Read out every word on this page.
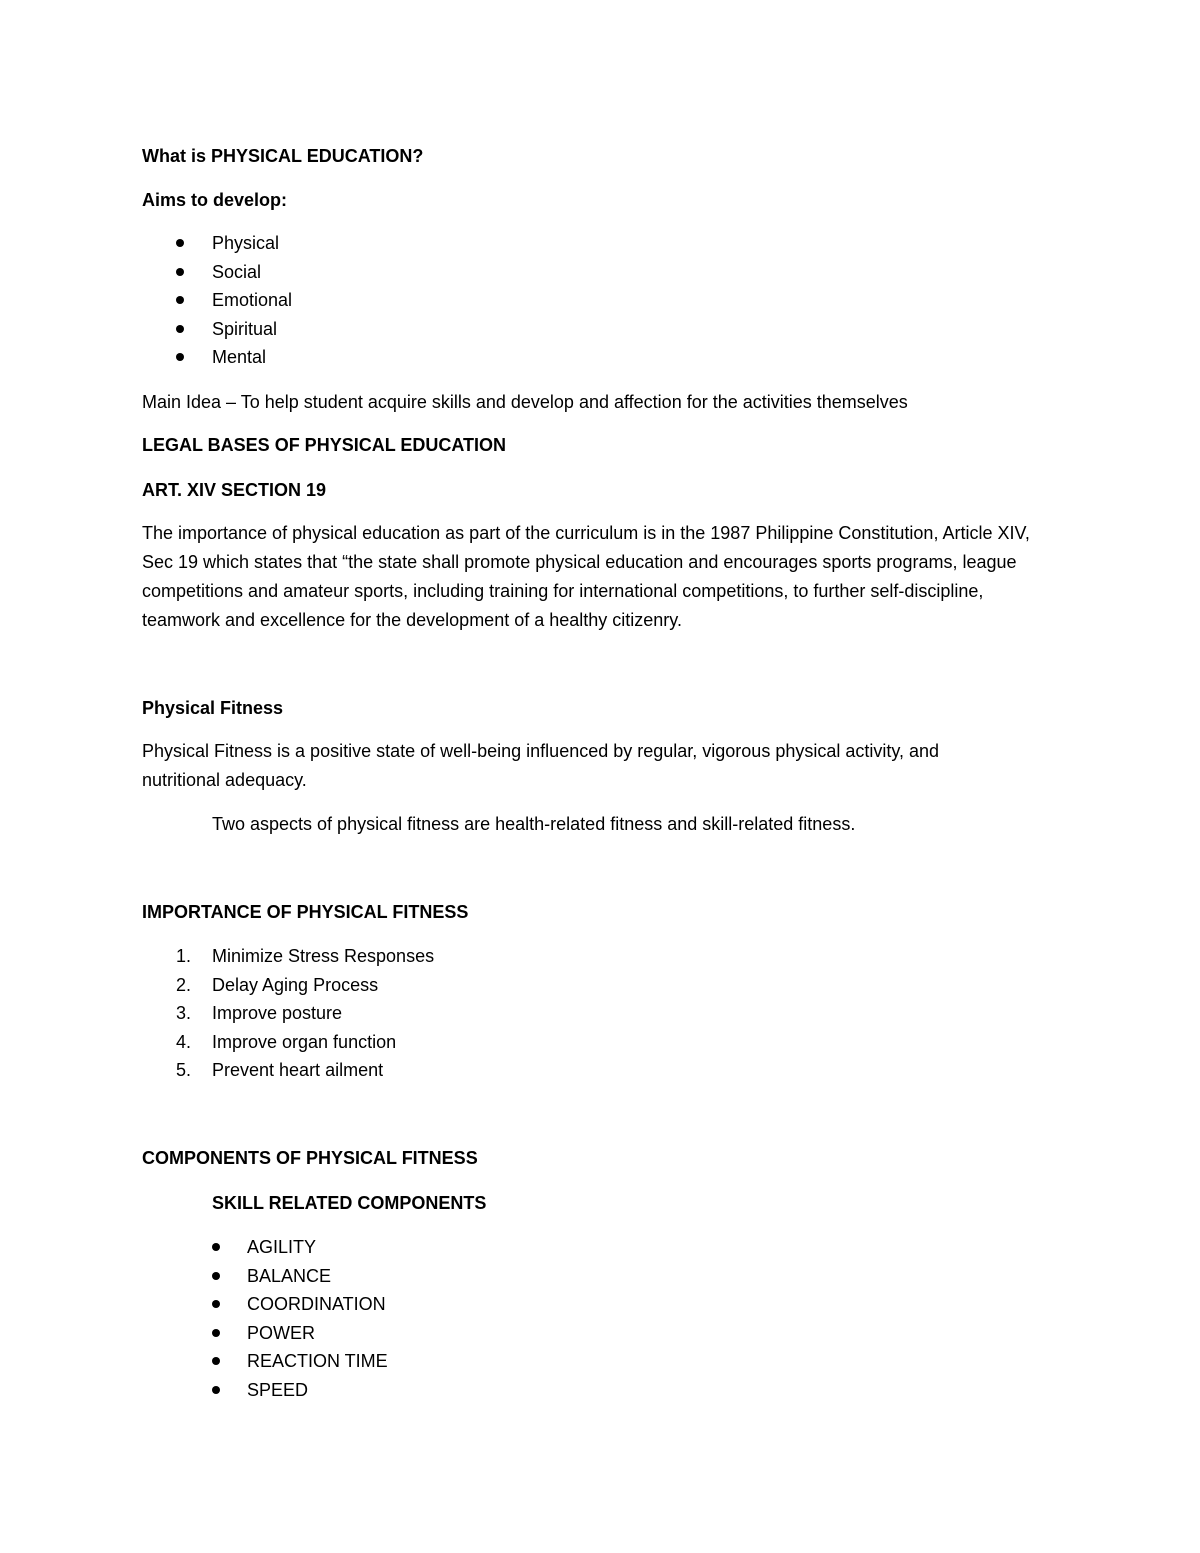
What is PHYSICAL EDUCATION?

Aims to develop:

Physical
Social
Emotional
Spiritual
Mental

Main Idea – To help student acquire skills and develop and affection for the activities themselves

LEGAL BASES OF PHYSICAL EDUCATION

ART. XIV SECTION 19

The importance of physical education as part of the curriculum is in the 1987 Philippine Constitution, Article XIV, Sec 19 which states that “the state shall promote physical education and encourages sports programs, league competitions and amateur sports, including training for international competitions, to further self-discipline, teamwork and excellence for the development of a healthy citizenry.

Physical Fitness

Physical Fitness is a positive state of well-being influenced by regular, vigorous physical activity, and nutritional adequacy.

Two aspects of physical fitness are health-related fitness and skill-related fitness.

IMPORTANCE OF PHYSICAL FITNESS

1. Minimize Stress Responses
2. Delay Aging Process
3. Improve posture
4. Improve organ function
5. Prevent heart ailment

COMPONENTS OF PHYSICAL FITNESS

SKILL RELATED COMPONENTS

AGILITY
BALANCE
COORDINATION
POWER
REACTION TIME
SPEED
